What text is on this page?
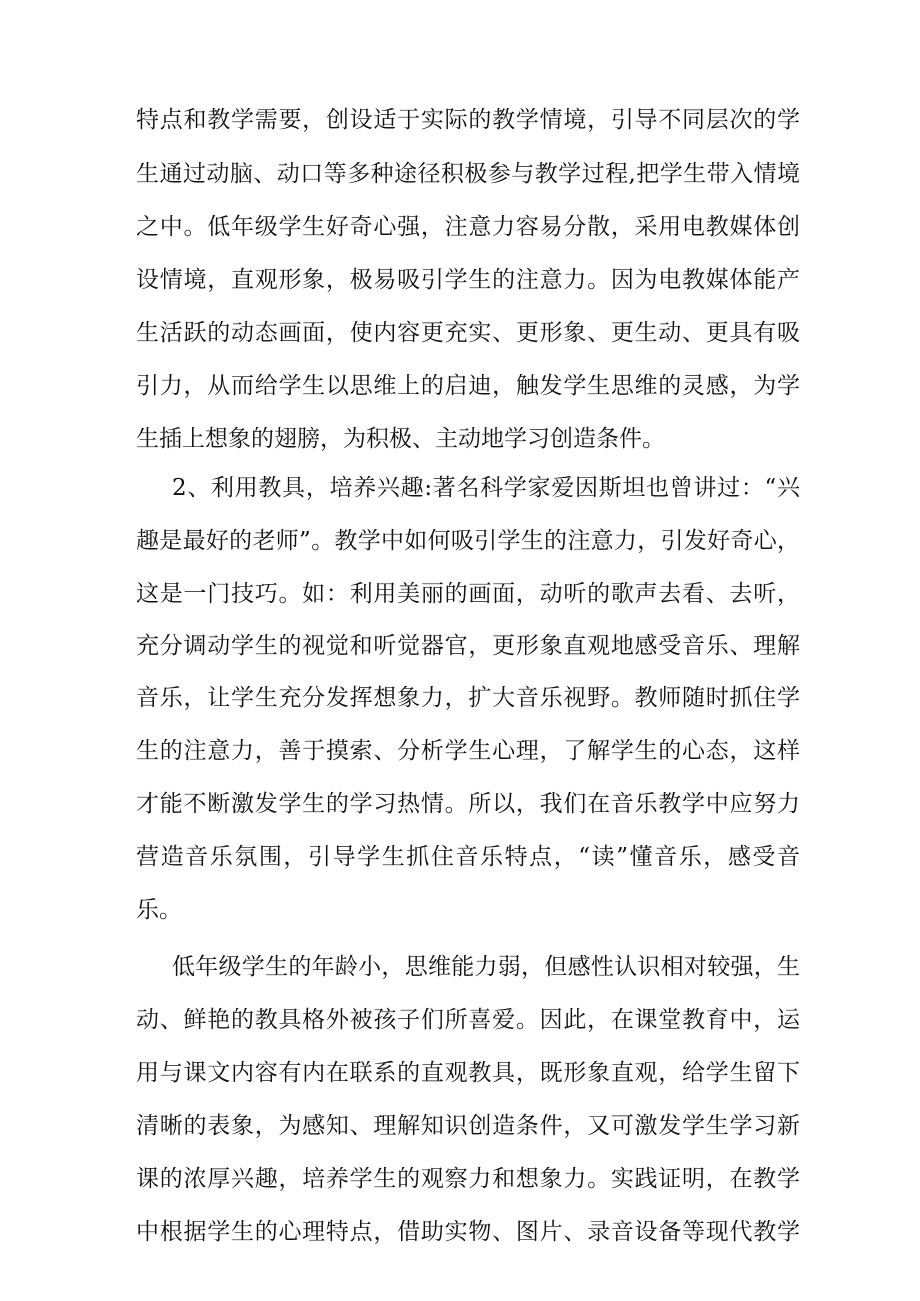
特点和教学需要，创设适于实际的教学情境，引导不同层次的学
生通过动脑、动口等多种途径积极参与教学过程,把学生带入情境
之中。低年级学生好奇心强，注意力容易分散，采用电教媒体创
设情境，直观形象，极易吸引学生的注意力。因为电教媒体能产
生活跃的动态画面，使内容更充实、更形象、更生动、更具有吸
引力，从而给学生以思维上的启迪，触发学生思维的灵感，为学
生插上想象的翅膀，为积极、主动地学习创造条件。
2、利用教具，培养兴趣:著名科学家爱因斯坦也曾讲过：“兴
趣是最好的老师”。教学中如何吸引学生的注意力，引发好奇心，
这是一门技巧。如：利用美丽的画面，动听的歌声去看、去听，
充分调动学生的视觉和听觉器官，更形象直观地感受音乐、理解
音乐，让学生充分发挥想象力，扩大音乐视野。教师随时抓住学
生的注意力，善于摸索、分析学生心理，了解学生的心态，这样
才能不断激发学生的学习热情。所以，我们在音乐教学中应努力
营造音乐氛围，引导学生抓住音乐特点，“读”懂音乐，感受音
乐。
低年级学生的年龄小，思维能力弱，但感性认识相对较强，生
动、鲜艳的教具格外被孩子们所喜爱。因此，在课堂教育中，运
用与课文内容有内在联系的直观教具，既形象直观，给学生留下
清晰的表象，为感知、理解知识创造条件，又可激发学生学习新
课的浓厚兴趣，培养学生的观察力和想象力。实践证明，在教学
中根据学生的心理特点，借助实物、图片、录音设备等现代教学
